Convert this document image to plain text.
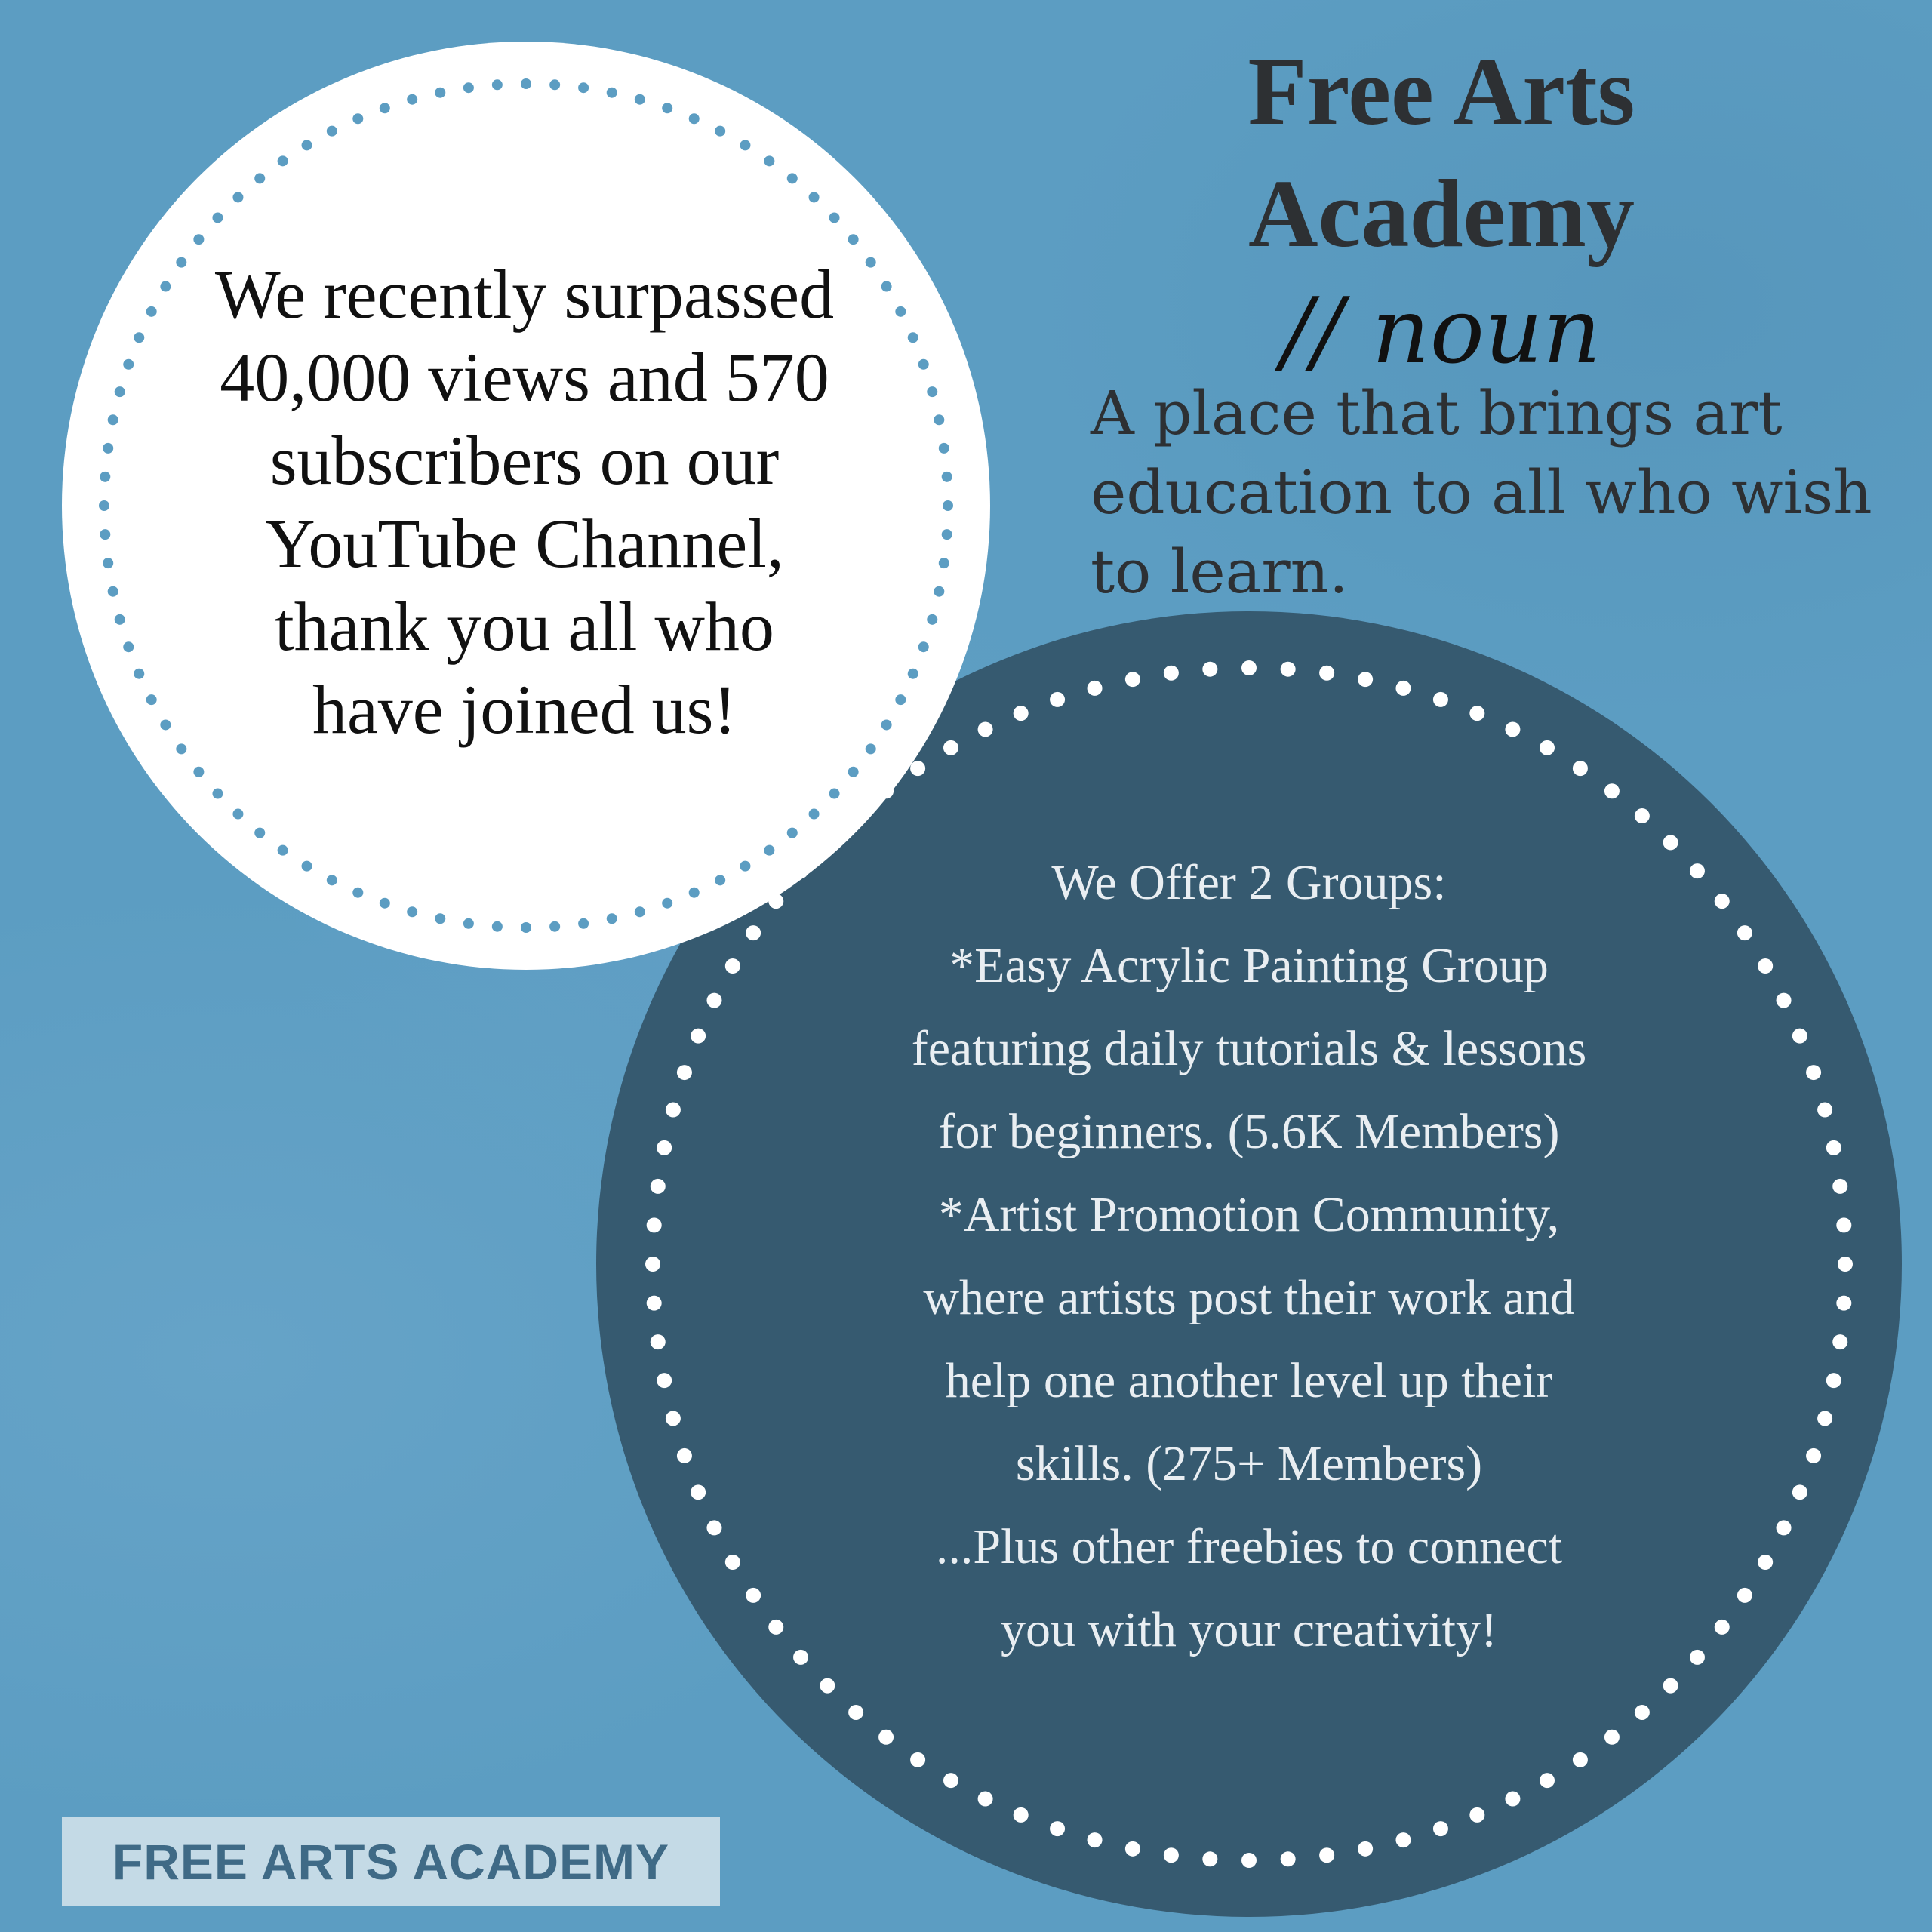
We recently surpassed
40,000 views and 570
subscribers on our
YouTube Channel,
thank you all who
have joined us!
We Offer 2 Groups:
*Easy Acrylic Painting Group
featuring daily tutorials & lessons
for beginners. (5.6K Members)
*Artist Promotion Community,
where artists post their work and
help one another level up their
skills. (275+ Members)
...Plus other freebies to connect
you with your creativity!
Free Arts
Academy
// noun
A place that brings art
education to all who wish
to learn.
FREE ARTS ACADEMY
